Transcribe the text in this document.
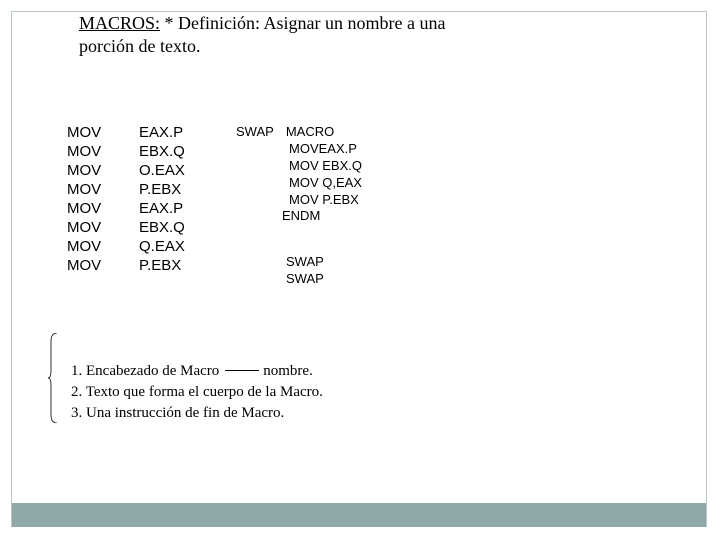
MACROS: * Definición: Asignar un nombre a una
porción de texto.
MOV
MOV
MOV
MOV
MOV
MOV
MOV
MOV
EAX.P
EBX.Q
O.EAX
P.EBX
EAX.P
EBX.Q
Q.EAX
P.EBX
SWAP MACRO
MOVEAX.P
MOV EBX.Q
MOV Q,EAX
MOV P.EBX
ENDM
SWAP
SWAP
1. Encabezado de Macro	nombre.
2. Texto que forma el cuerpo de la Macro.
3. Una instrucción de fin de Macro.
